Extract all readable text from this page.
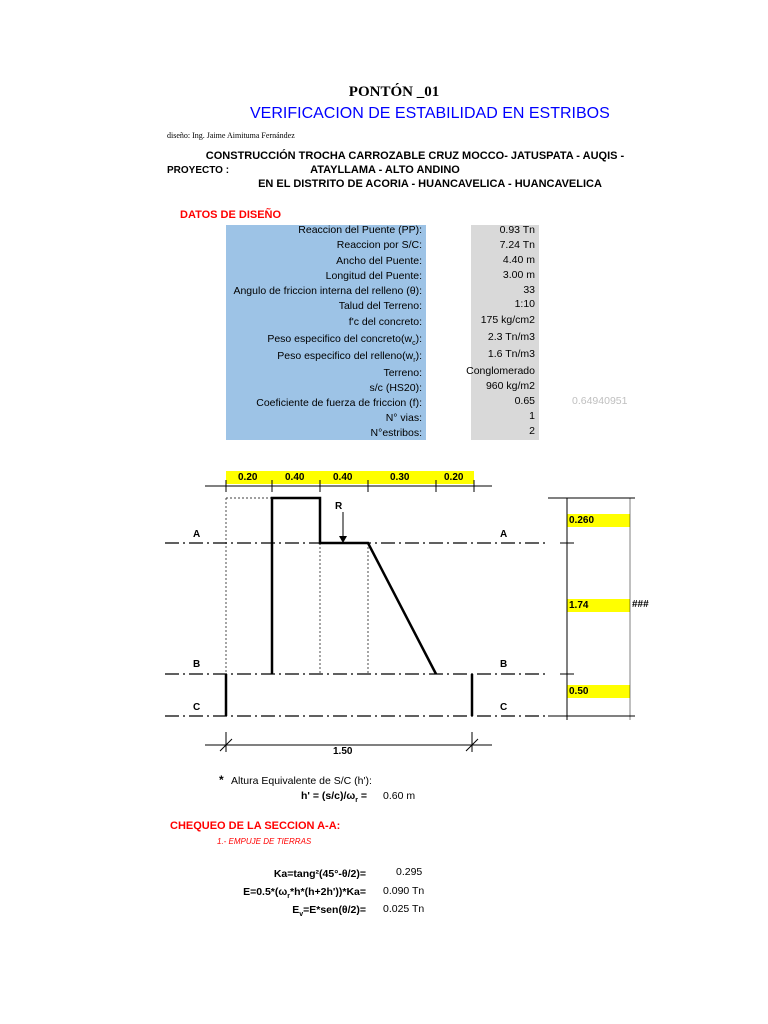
PONTÓN _01
VERIFICACION DE ESTABILIDAD EN ESTRIBOS
diseño: Ing. Jaime Aimituma Fernández
PROYECTO :
CONSTRUCCIÓN TROCHA CARROZABLE CRUZ MOCCO- JATUSPATA - AUQIS -
ATAYLLAMA - ALTO ANDINO
EN EL DISTRITO DE ACORIA - HUANCAVELICA - HUANCAVELICA
DATOS DE DISEÑO
Reaccion del Puente (PP):	0.93 Tn
Reaccion por S/C:	7.24 Tn
Ancho del Puente:	4.40 m
Longitud del Puente:	3.00 m
Angulo de friccion interna del relleno (θ):	33
Talud del Terreno:	1:10
f'c del concreto:	175 kg/cm2
Peso especifico del $concreto(w_c)$:	2.3 Tn/m3
Peso especifico del $relleno(w_r)$:	1.6 Tn/m3
Terreno:	Conglomerado
s/c (HS20):	960 kg/m2
Coeficiente de fuerza de friccion (f):	0.65
N° vias:	1
N°estribos:	2
0.64940951
0.20	0.40	0.40	0.30	0.20
0.260
1.74	###
0.50
R
A	A
B	B
C	C
1.50
* Altura Equivalente de S/C (h'):
$h' = (s/c)/\omega_r = 0.60$ m
CHEQUEO DE LA SECCION A-A:
1.- EMPUJE DE TIERRAS
Ka=tang²(45°-θ/2)=	0.295
$E=0.5*(\omega_r*h*(h+2h'))*Ka= 0.090$ Tn
$E_v=E*sen(\theta/2)= 0.025$ Tn
